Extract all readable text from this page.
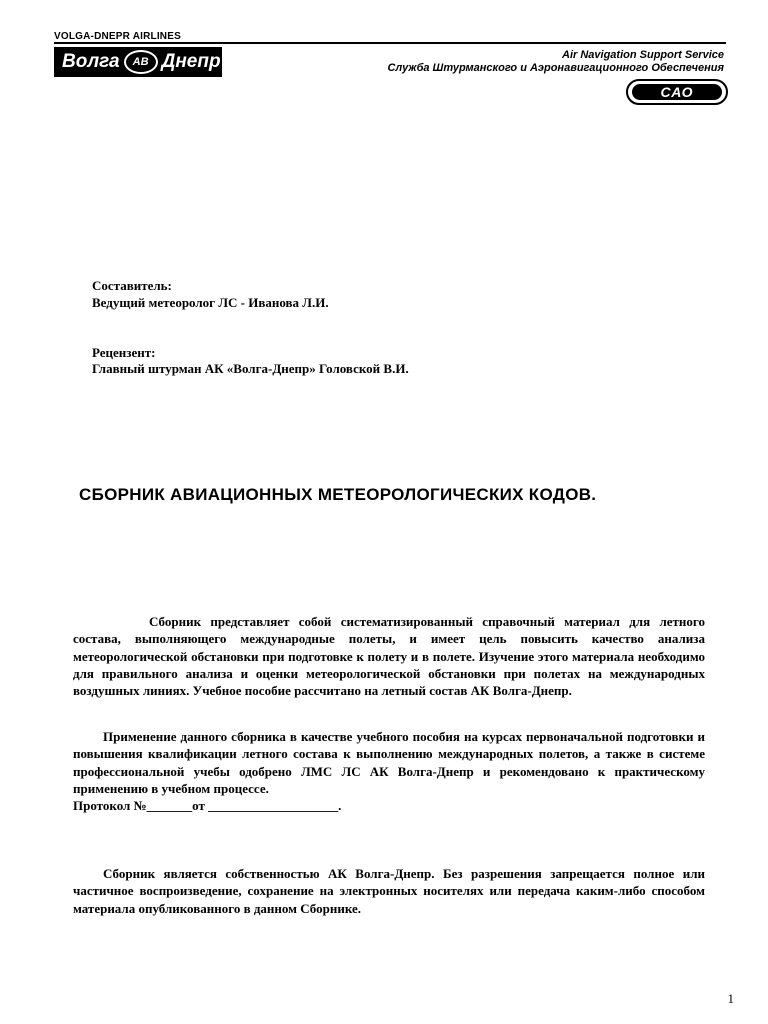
VOLGA-DNEPR AIRLINES
Волга	АВ Днепр	Air Navigation Support Service
Служба Штурманского и Аэронавигационного Обеспечения
САО
Составитель:
Ведущий метеоролог ЛС - Иванова Л.И.
Рецензент:
Главный штурман АК «Волга-Днепр» Головской В.И.
СБОРНИК АВИАЦИОННЫХ МЕТЕОРОЛОГИЧЕСКИХ КОДОВ.

Сборник представляет собой систематизированный справочный материал для летного состава, выполняющего международные полеты, и имеет цель повысить качество анализа метеорологической обстановки при подготовке к полету и в полете. Изучение этого материала необходимо для правильного анализа и оценки метеорологической обстановки при полетах на международных воздушных линиях. Учебное пособие рассчитано на летный состав АК Волга-Днепр.

Применение данного сборника в качестве учебного пособия на курсах первоначальной подготовки и повышения квалификации летного состава к выполнению международных полетов, а также в системе профессиональной учебы одобрено ЛМС ЛС АК Волга-Днепр и рекомендовано к практическому применению в учебном процессе.

Протокол №_______от ____________________.

Сборник является собственностью АК Волга-Днепр. Без разрешения запрещается полное или частичное воспроизведение, сохранение на электронных носителях или передача каким-либо способом материала опубликованного в данном Сборнике.

1
